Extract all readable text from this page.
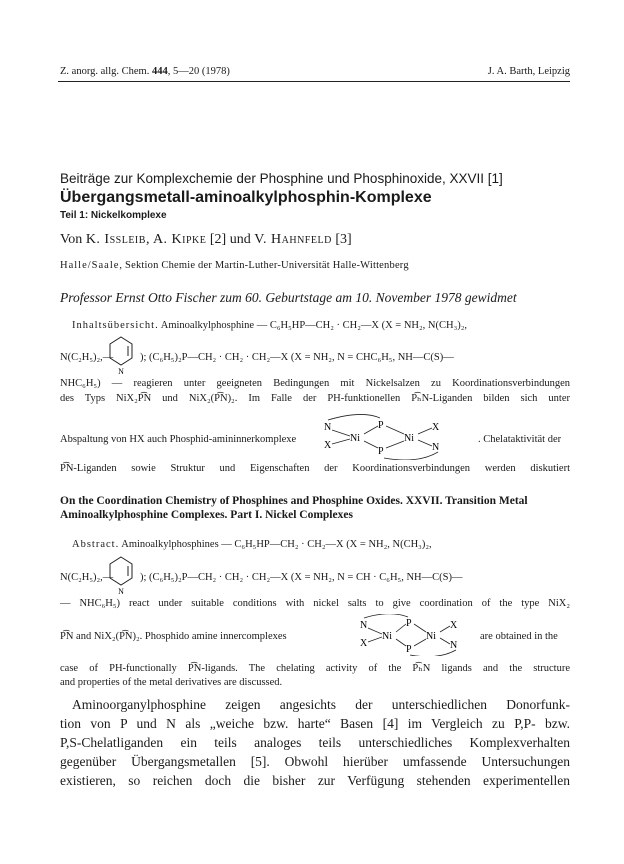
Z. anorg. allg. Chem. 444, 5—20 (1978)	J. A. Barth, Leipzig
Beiträge zur Komplexchemie der Phosphine und Phosphinoxide, XXVII [1]
Übergangsmetall-aminoalkylphosphin-Komplexe
Teil 1: Nickelkomplexe
Von K. Issleib, A. Kipke [2] und V. Hahnfeld [3]
Halle/Saale, Sektion Chemie der Martin-Luther-Universität Halle-Wittenberg
Professor Ernst Otto Fischer zum 60. Geburtstage am 10. November 1978 gewidmet
Inhaltsübersicht. Aminoalkylphosphine — C₆H₅HP—CH₂ · CH₂—X (X = NH₂, N(CH₃)₂,
N(C₂H₅)₂,—
N
); (C₆H₅)₂P—CH₂ · CH₂ · CH₂—X (X = NH₂, N = CHC₆H₅, NH—C(S)—
NHC₆H₅) — reagieren unter geeigneten Bedingungen mit Nickelsalzen zu Koordinationsverbindungen
des Typs NiX₂P͡N und NiX₂(P͡N)₂. Im Falle der PH-funktionellen P͡ₕN-Liganden bilden sich unter
N
X
Ni
P
P
Ni
X
N
Abspaltung von HX auch Phosphid-amininnerkomplexe	. Chelataktivität der
P͡N-Liganden sowie Struktur und Eigenschaften der Koordinationsverbindungen werden diskutiert
On the Coordination Chemistry of Phosphines and Phosphine Oxides. XXVII. Transition Metal Aminoalkylphosphine Complexes. Part I. Nickel Complexes
Abstract. Aminoalkylphosphines — C₆H₅HP—CH₂ · CH₂—X (X = NH₂, N(CH₃)₂,
N(C₂H₅)₂,—
N
); (C₆H₅)₂P—CH₂ · CH₂ · CH₂—X (X = NH₂, N = CH · C₆H₅, NH—C(S)—
— NHC₆H₅) react under suitable conditions with nickel salts to give coordination of the type NiX₂
N
X
Ni
P
P
Ni
X
N
P͡N and NiX₂(P͡N)₂. Phosphido amine innercomplexes	are obtained in the
case of PH-functionally P͡N-ligands. The chelating activity of the P͡ₕN ligands and the structure
and properties of the metal derivatives are discussed.
Aminoorganylphosphine zeigen angesichts der unterschiedlichen Donorfunk-
tion von P und N als „weiche bzw. harte“ Basen [4] im Vergleich zu P,P- bzw.
P,S-Chelatliganden ein teils analoges teils unterschiedliches Komplexverhalten
gegenüber Übergangsmetallen [5]. Obwohl hierüber umfassende Untersuchungen
existieren, so reichen doch die bisher zur Verfügung stehenden experimentellen
